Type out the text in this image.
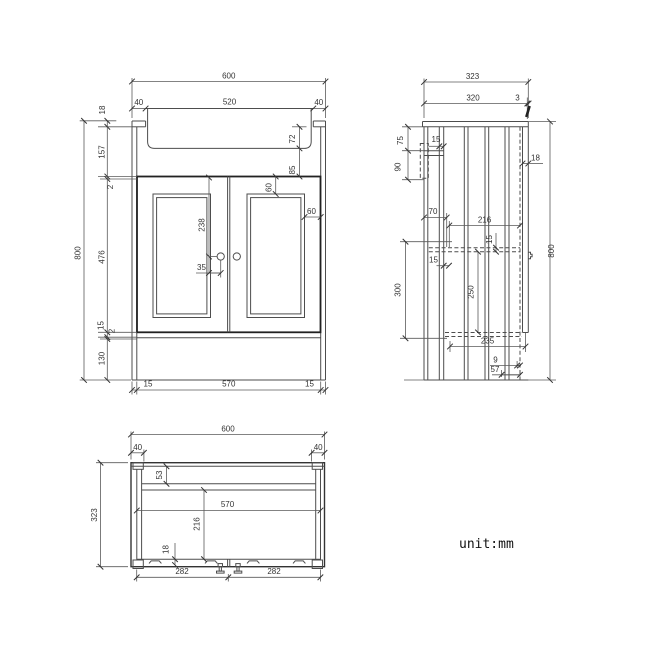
600
40	520	40
18
157
2
476
15
2
130
800
72
85
60
60
238
35
15	570	15
323
320	3
75
90
15
18
70
216
15
15
300	250
800
235
9
57
600
40	40
323
53
570
216
18
282	282
unit:mm
